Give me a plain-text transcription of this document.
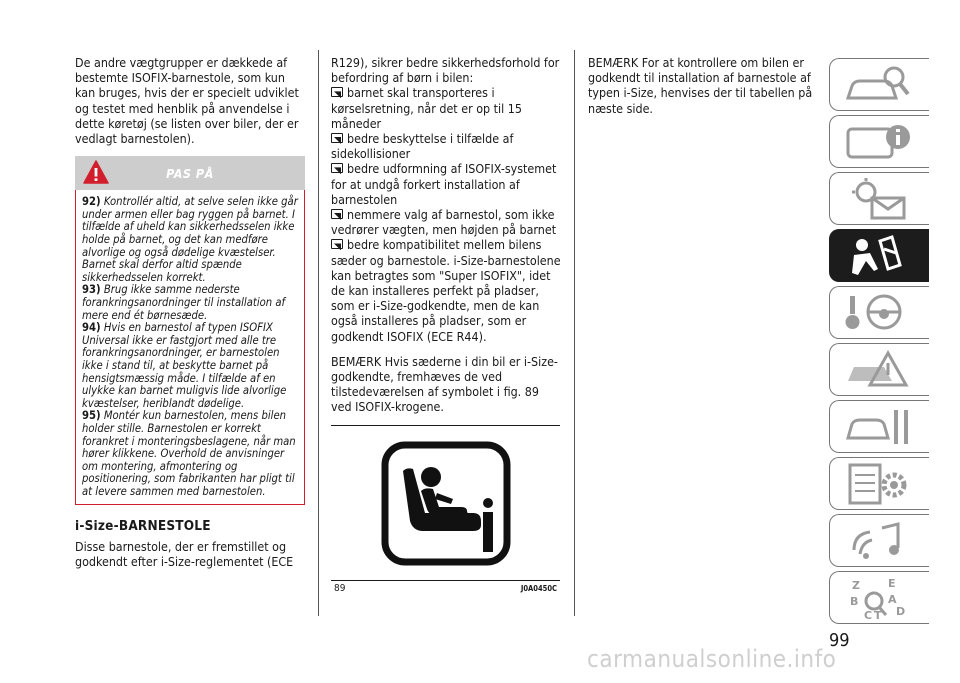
De andre vægtgrupper er dækkede af bestemte ISOFIX-barnestole, som kun kan bruges, hvis der er specielt udviklet og testet med henblik på anvendelse i dette køretøj (se listen over biler, der er vedlagt barnestolen).

PAS PÅ

92) Kontrollér altid, at selve selen ikke går under armen eller bag ryggen på barnet. I tilfælde af uheld kan sikkerhedsselen ikke holde på barnet, og det kan medføre alvorlige og også dødelige kvæstelser. Barnet skal derfor altid spænde sikkerhedsselen korrekt.

93) Brug ikke samme nederste forankringsanordninger til installation af mere end ét børnesæde.

94) Hvis en barnestol af typen ISOFIX Universal ikke er fastgjort med alle tre forankringsanordninger, er barnestolen ikke i stand til, at beskytte barnet på hensigtsmæssig måde. I tilfælde af en ulykke kan barnet muligvis lide alvorlige kvæstelser, heriblandt dødelige.

95) Montér kun barnestolen, mens bilen holder stille. Barnestolen er korrekt forankret i monteringsbeslagene, når man hører klikkene. Overhold de anvisninger om montering, afmontering og positionering, som fabrikanten har pligt til at levere sammen med barnestolen.

i-Size-BARNESTOLE

Disse barnestole, der er fremstillet og godkendt efter i-Size-reglementet (ECE

R129), sikrer bedre sikkerhedsforhold for befordring af børn i bilen:

barnet skal transporteres i kørselsretning, når det er op til 15 måneder
bedre beskyttelse i tilfælde af sidekollisioner
bedre udformning af ISOFIX-systemet for at undgå forkert installation af barnestolen
nemmere valg af barnestol, som ikke vedrører vægten, men højden på barnet
bedre kompatibilitet mellem bilens sæder og barnestole. i-Size-barnestolene kan betragtes som "Super ISOFIX", idet de kan installeres perfekt på pladser, som er i-Size-godkendte, men de kan også installeres på pladser, som er godkendt ISOFIX (ECE R44).

BEMÆRK Hvis sæderne i din bil er i-Size-godkendte, fremhæves de ved tilstedeværelsen af symbolet i fig. 89 ved ISOFIX-krogene.

89	J0A0450C

BEMÆRK For at kontrollere om bilen er godkendt til installation af barnestole af typen i-Size, henvises der til tabellen på næste side.

Z	E
B	A
C D
T
99
carmanualsonline.info
